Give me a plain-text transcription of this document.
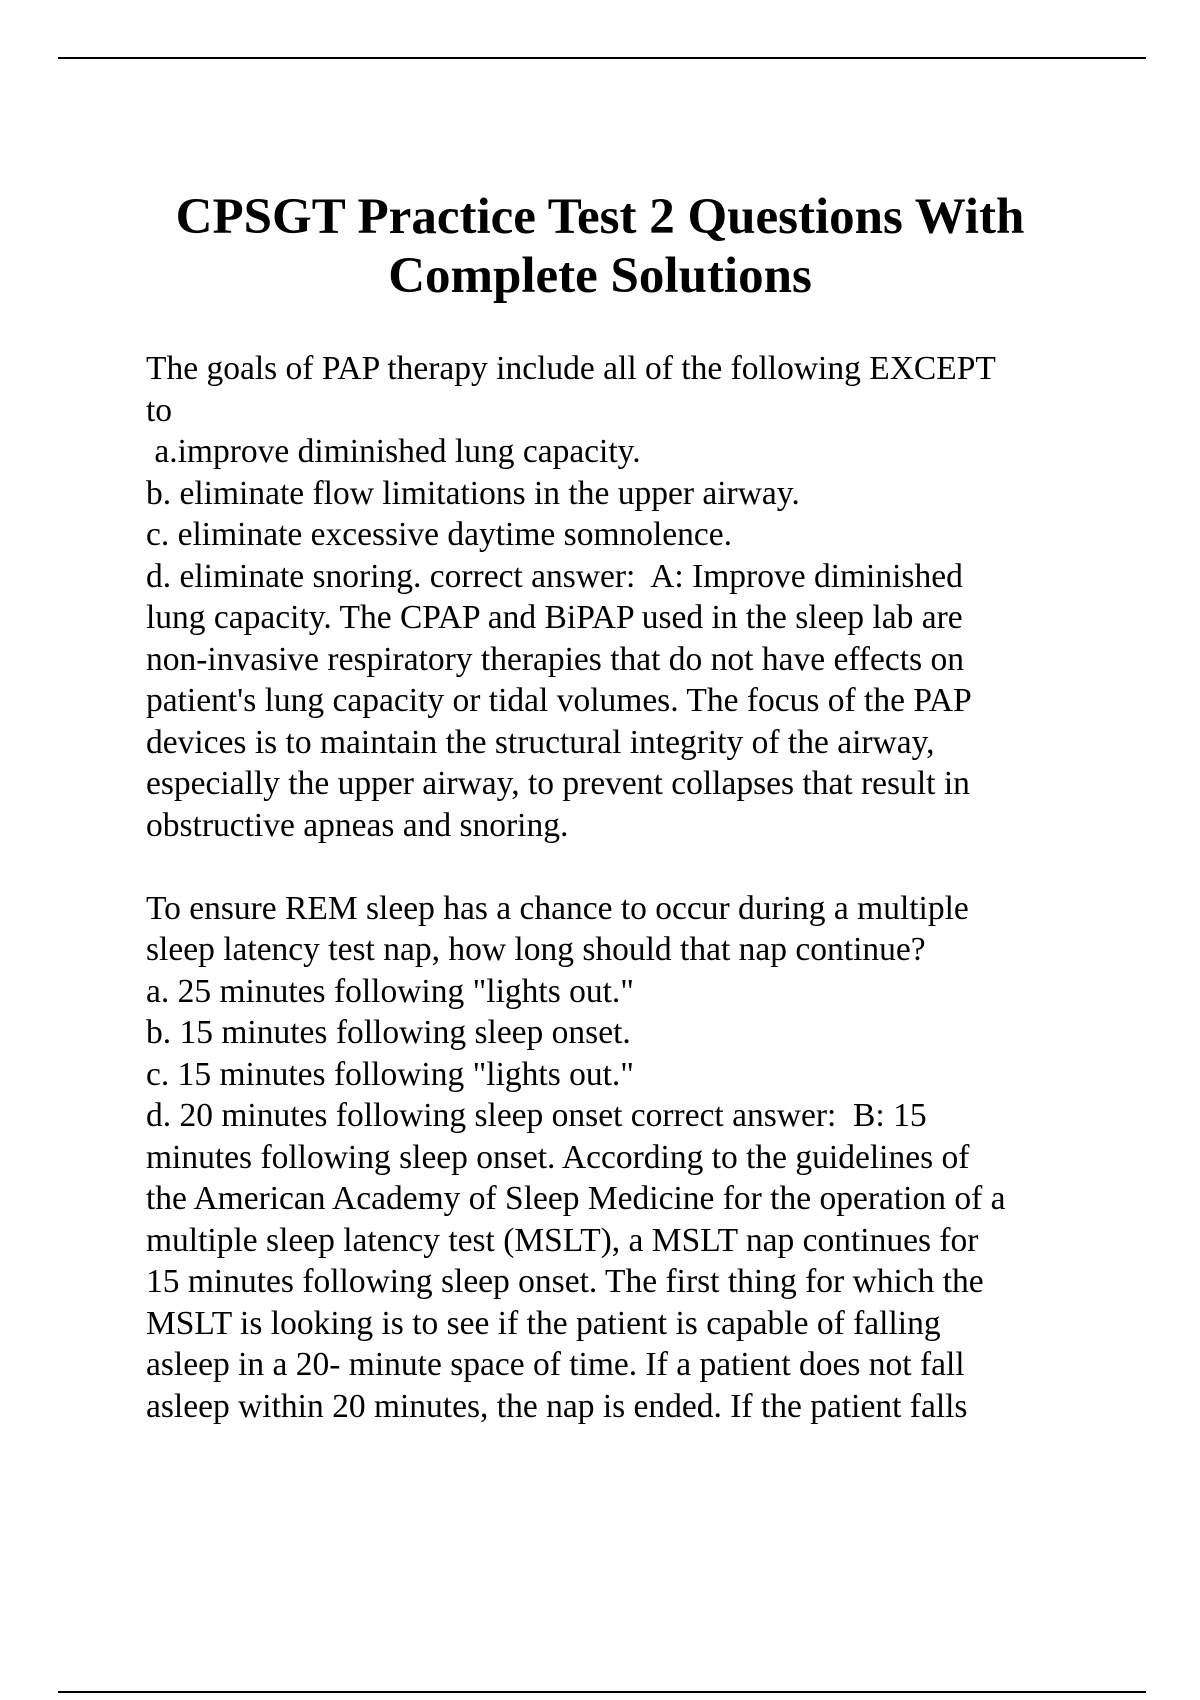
CPSGT Practice Test 2 Questions With
Complete Solutions

The goals of PAP therapy include all of the following EXCEPT

to

a.improve diminished lung capacity.

b. eliminate flow limitations in the upper airway.

c. eliminate excessive daytime somnolence.

d. eliminate snoring. correct answer:  A: Improve diminished

lung capacity. The CPAP and BiPAP used in the sleep lab are

non-invasive respiratory therapies that do not have effects on

patient's lung capacity or tidal volumes. The focus of the PAP

devices is to maintain the structural integrity of the airway,

especially the upper airway, to prevent collapses that result in

obstructive apneas and snoring.

To ensure REM sleep has a chance to occur during a multiple

sleep latency test nap, how long should that nap continue?

a. 25 minutes following "lights out."

b. 15 minutes following sleep onset.

c. 15 minutes following "lights out."

d. 20 minutes following sleep onset correct answer:  B: 15

minutes following sleep onset. According to the guidelines of

the American Academy of Sleep Medicine for the operation of a

multiple sleep latency test (MSLT), a MSLT nap continues for

15 minutes following sleep onset. The first thing for which the

MSLT is looking is to see if the patient is capable of falling

asleep in a 20- minute space of time. If a patient does not fall

asleep within 20 minutes, the nap is ended. If the patient falls
